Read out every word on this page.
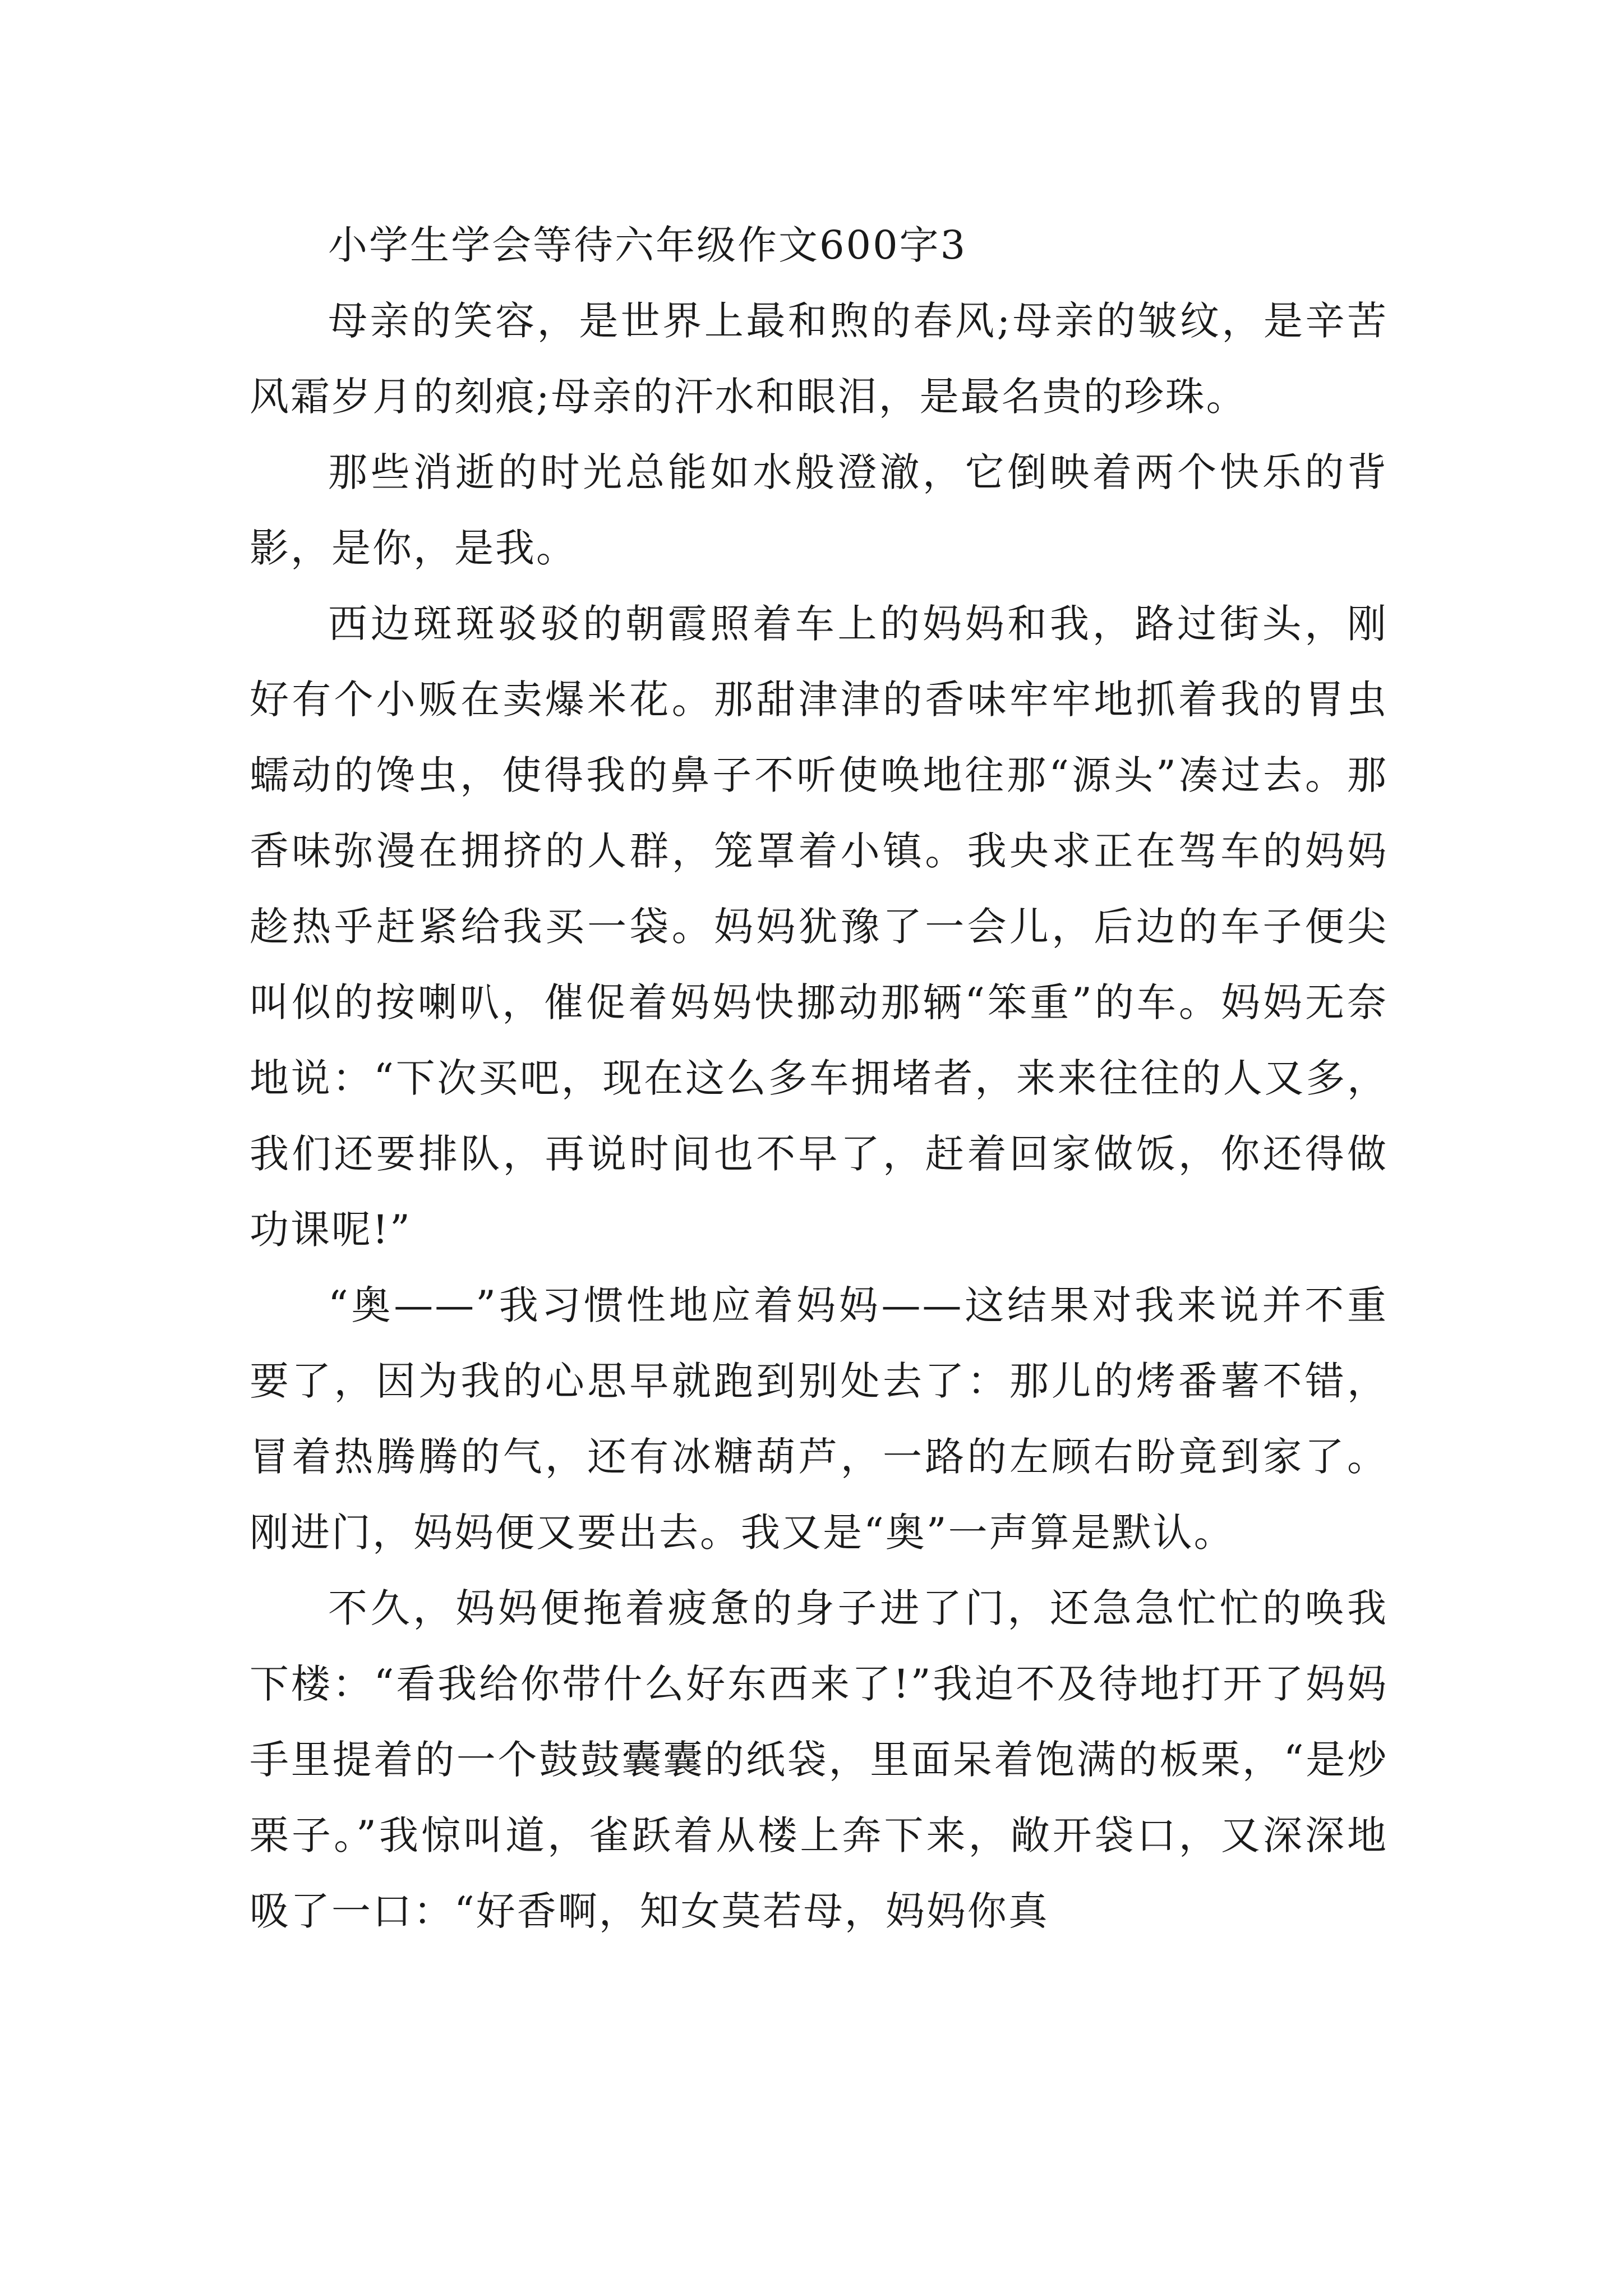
小学生学会等待六年级作文600字3

母亲的笑容，是世界上最和煦的春风;母亲的皱纹，是辛苦风霜岁月的刻痕;母亲的汗水和眼泪，是最名贵的珍珠。

那些消逝的时光总能如水般澄澈，它倒映着两个快乐的背影，是你，是我。

西边斑斑驳驳的朝霞照着车上的妈妈和我，路过街头，刚好有个小贩在卖爆米花。那甜津津的香味牢牢地抓着我的胃虫蠕动的馋虫，使得我的鼻子不听使唤地往那“源头”凑过去。那香味弥漫在拥挤的人群，笼罩着小镇。我央求正在驾车的妈妈趁热乎赶紧给我买一袋。妈妈犹豫了一会儿，后边的车子便尖叫似的按喇叭，催促着妈妈快挪动那辆“笨重”的车。妈妈无奈地说：“下次买吧，现在这么多车拥堵者，来来往往的人又多，我们还要排队，再说时间也不早了，赶着回家做饭，你还得做功课呢!”

“奥——”我习惯性地应着妈妈——这结果对我来说并不重要了，因为我的心思早就跑到别处去了：那儿的烤番薯不错，冒着热腾腾的气，还有冰糖葫芦，一路的左顾右盼竟到家了。刚进门，妈妈便又要出去。我又是“奥”一声算是默认。

不久，妈妈便拖着疲惫的身子进了门，还急急忙忙的唤我下楼：“看我给你带什么好东西来了!”我迫不及待地打开了妈妈手里提着的一个鼓鼓囊囊的纸袋，里面呆着饱满的板栗，“是炒栗子。”我惊叫道，雀跃着从楼上奔下来，敞开袋口，又深深地吸了一口：“好香啊，知女莫若母，妈妈你真
